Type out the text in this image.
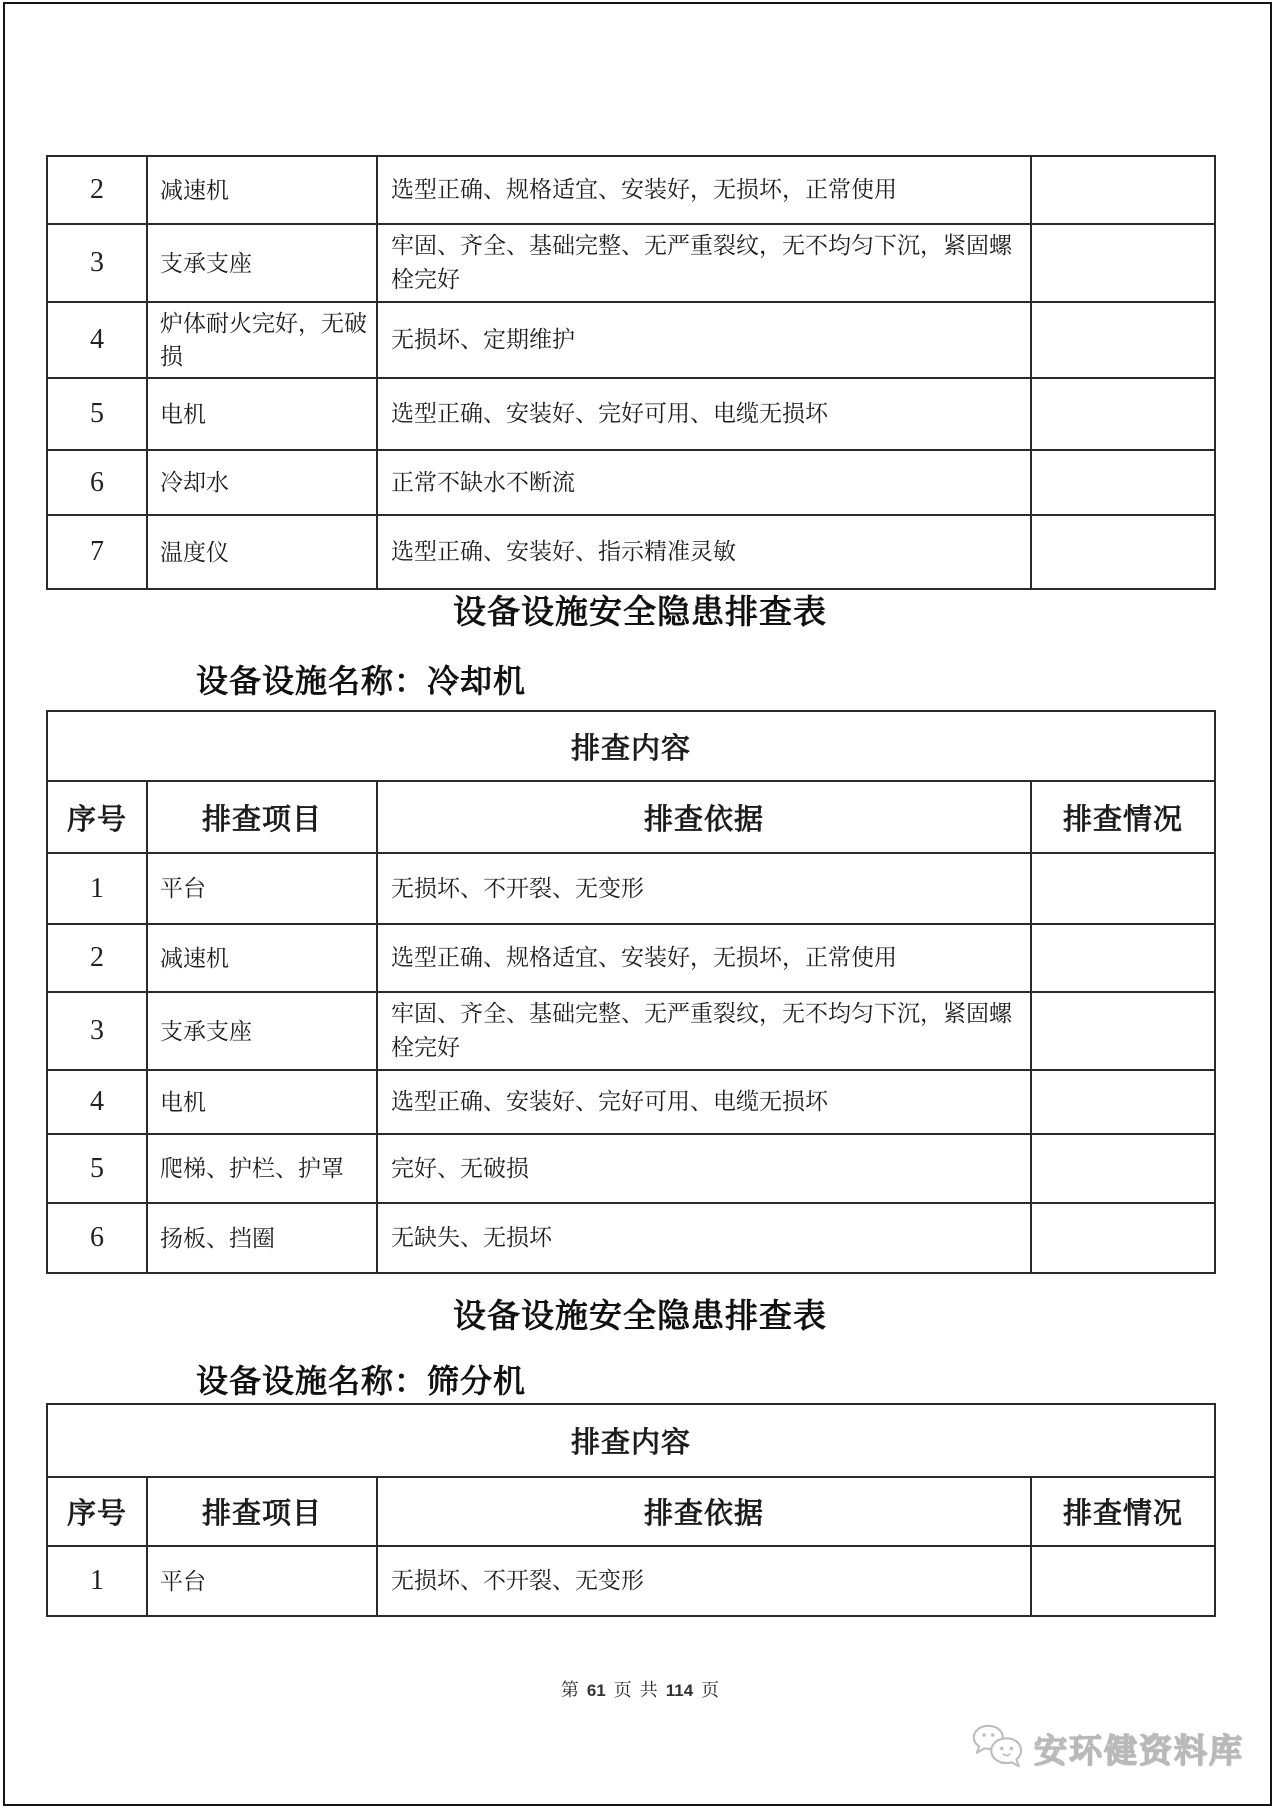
2	减速机	选型正确、规格适宜、安装好，无损坏，正常使用	
3	支承支座	牢固、齐全、基础完整、无严重裂纹，无不均匀下沉，紧固螺栓完好	
4	炉体耐火完好，无破损	无损坏、定期维护	
5	电机	选型正确、安装好、完好可用、电缆无损坏	
6	冷却水	正常不缺水不断流	
7	温度仪	选型正确、安装好、指示精准灵敏	
设备设施安全隐患排查表
设备设施名称：冷却机
排查内容			
序号	排查项目	排查依据	排查情况
1	平台	无损坏、不开裂、无变形	
2	减速机	选型正确、规格适宜、安装好，无损坏，正常使用	
3	支承支座	牢固、齐全、基础完整、无严重裂纹，无不均匀下沉，紧固螺栓完好	
4	电机	选型正确、安装好、完好可用、电缆无损坏	
5	爬梯、护栏、护罩	完好、无破损	
6	扬板、挡圈	无缺失、无损坏	
设备设施安全隐患排查表
设备设施名称：筛分机
排查内容			
序号	排查项目	排查依据	排查情况
1	平台	无损坏、不开裂、无变形	
第 61 页 共 114 页
安环健资料库
